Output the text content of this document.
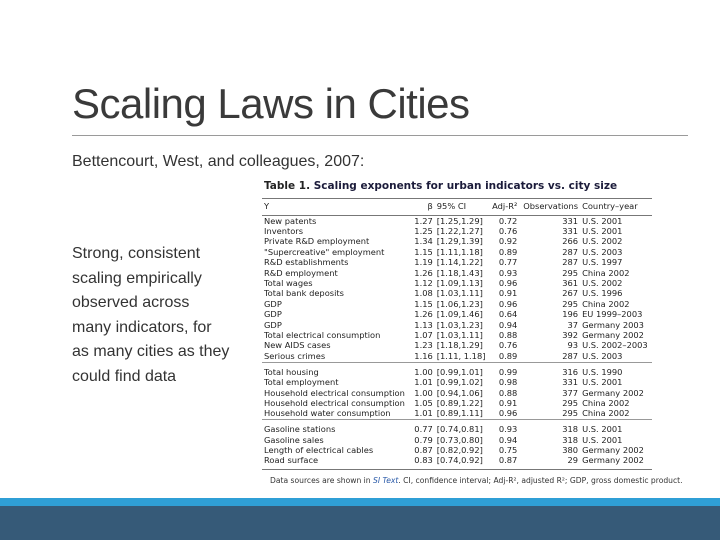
Scaling Laws in Cities
Bettencourt, West, and colleagues, 2007:
Strong, consistent scaling empirically observed across many indicators, for as many cities as they could find data
Table 1. Scaling exponents for urban indicators vs. city size
Y	β	95% CI	Adj-R²	Observations	Country–year
New patents	1.27	[1.25,1.29]	0.72	331	U.S. 2001
Inventors	1.25	[1.22,1.27]	0.76	331	U.S. 2001
Private R&D employment	1.34	[1.29,1.39]	0.92	266	U.S. 2002
"Supercreative" employment	1.15	[1.11,1.18]	0.89	287	U.S. 2003
R&D establishments	1.19	[1.14,1.22]	0.77	287	U.S. 1997
R&D employment	1.26	[1.18,1.43]	0.93	295	China 2002
Total wages	1.12	[1.09,1.13]	0.96	361	U.S. 2002
Total bank deposits	1.08	[1.03,1.11]	0.91	267	U.S. 1996
GDP	1.15	[1.06,1.23]	0.96	295	China 2002
GDP	1.26	[1.09,1.46]	0.64	196	EU 1999–2003
GDP	1.13	[1.03,1.23]	0.94	37	Germany 2003
Total electrical consumption	1.07	[1.03,1.11]	0.88	392	Germany 2002
New AIDS cases	1.23	[1.18,1.29]	0.76	93	U.S. 2002–2003
Serious crimes	1.16	[1.11, 1.18]	0.89	287	U.S. 2003
Total housing	1.00	[0.99,1.01]	0.99	316	U.S. 1990
Total employment	1.01	[0.99,1.02]	0.98	331	U.S. 2001
Household electrical consumption	1.00	[0.94,1.06]	0.88	377	Germany 2002
Household electrical consumption	1.05	[0.89,1.22]	0.91	295	China 2002
Household water consumption	1.01	[0.89,1.11]	0.96	295	China 2002
Gasoline stations	0.77	[0.74,0.81]	0.93	318	U.S. 2001
Gasoline sales	0.79	[0.73,0.80]	0.94	318	U.S. 2001
Length of electrical cables	0.87	[0.82,0.92]	0.75	380	Germany 2002
Road surface	0.83	[0.74,0.92]	0.87	29	Germany 2002
Data sources are shown in SI Text. CI, confidence interval; Adj-R², adjusted R²; GDP, gross domestic product.
